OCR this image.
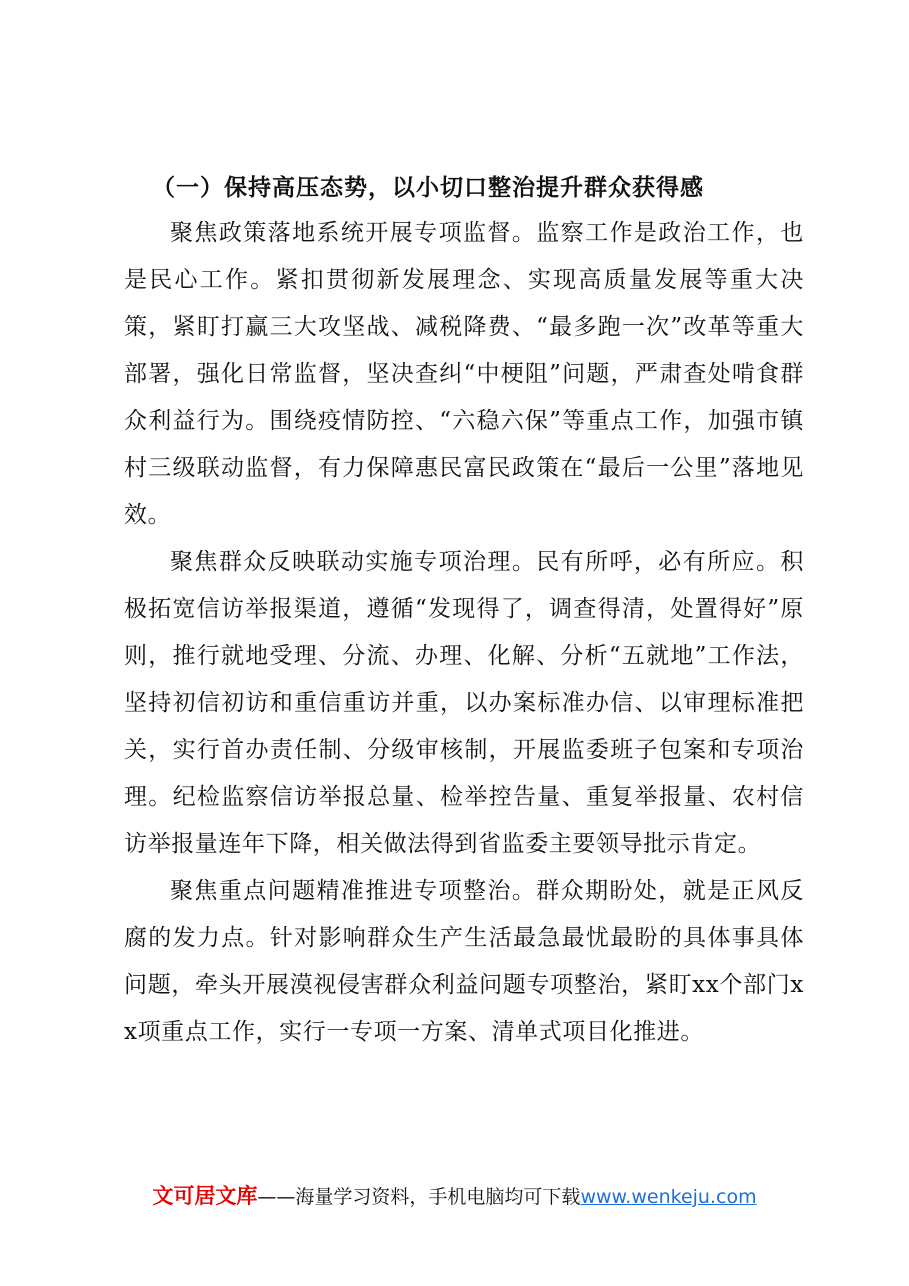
（一）保持高压态势，以小切口整治提升群众获得感

聚焦政策落地系统开展专项监督。监察工作是政治工作，也是民心工作。紧扣贯彻新发展理念、实现高质量发展等重大决策，紧盯打赢三大攻坚战、减税降费、“最多跑一次”改革等重大部署，强化日常监督，坚决查纠“中梗阻”问题，严肃查处啃食群众利益行为。围绕疫情防控、“六稳六保”等重点工作，加强市镇村三级联动监督，有力保障惠民富民政策在“最后一公里”落地见效。

聚焦群众反映联动实施专项治理。民有所呼，必有所应。积极拓宽信访举报渠道，遵循“发现得了，调查得清，处置得好”原则，推行就地受理、分流、办理、化解、分析“五就地”工作法，坚持初信初访和重信重访并重，以办案标准办信、以审理标准把关，实行首办责任制、分级审核制，开展监委班子包案和专项治理。纪检监察信访举报总量、检举控告量、重复举报量、农村信访举报量连年下降，相关做法得到省监委主要领导批示肯定。

聚焦重点问题精准推进专项整治。群众期盼处，就是正风反腐的发力点。针对影响群众生产生活最急最忧最盼的具体事具体问题，牵头开展漠视侵害群众利益问题专项整治，紧盯xx个部门xx项重点工作，实行一专项一方案、清单式项目化推进。

文可居文库——海量学习资料，手机电脑均可下载www.wenkeju.com
